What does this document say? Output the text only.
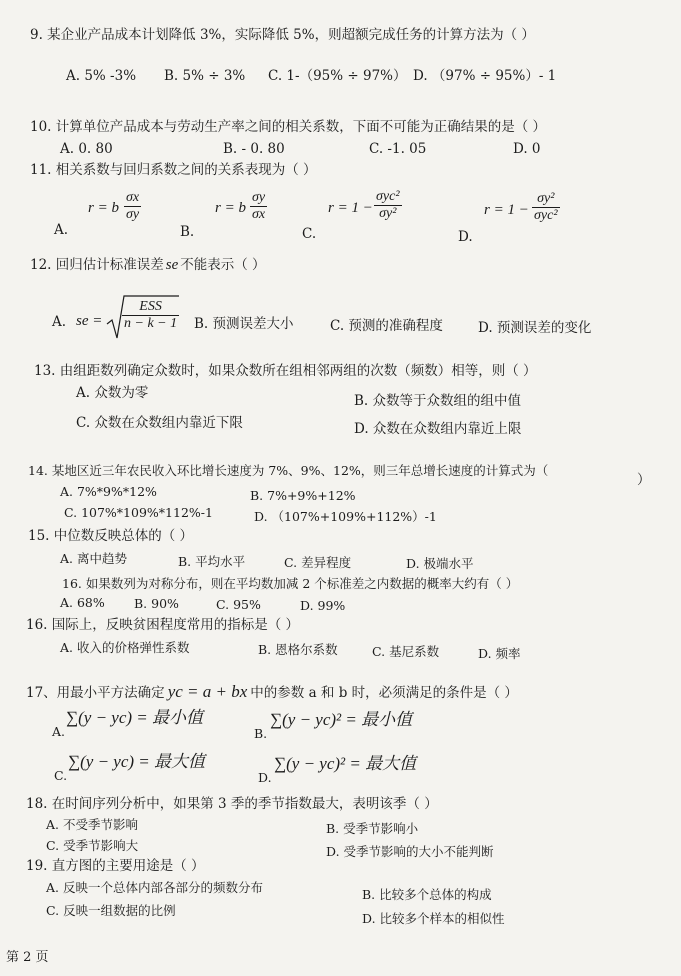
9. 某企业产品成本计划降低 3%，实际降低 5%，则超额完成任务的计算方法为（ ）
A. 5% -3% B. 5% ÷ 3% C. 1-（95% ÷ 97%） D. （97% ÷ 95%）- 1
10. 计算单位产品成本与劳动生产率之间的相关系数，下面不可能为正确结果的是（ ）
A. 0. 80	B. - 0. 80	C. -1. 05	D. 0
11. 相关系数与回归系数之间的关系表现为（ ）
A.
r = b $\frac{\sigma x}{\sigma y}$
B.
r = b $\frac{\sigma y}{\sigma x}$
C.
r = 1 −
σyc²
σy²
D.
r = 1 −
σy²
σyc²
12. 回归估计标准误差 se 不能表示（ ）
A. se =
ESS
n − k − 1 B. 预测误差大小	C. 预测的准确程度	D. 预测误差的变化
13. 由组距数列确定众数时，如果众数所在组相邻两组的次数（频数）相等，则（ ）
A. 众数为零	B. 众数等于众数组的组中值
C. 众数在众数组内靠近下限	D. 众数在众数组内靠近上限
14. 某地区近三年农民收入环比增长速度为 7%、9%、12%，则三年总增长速度的计算式为（
）
A. 7%*9%*12%	B. 7%+9%+12%
C. 107%*109%*112%-1	D. （107%+109%+112%）-1
15. 中位数反映总体的（ ）
A. 离中趋势	B. 平均水平	C. 差异程度	D. 极端水平
16. 如果数列为对称分布，则在平均数加减 2 个标准差之内数据的概率大约有（ ）
A. 68% B. 90%	C. 95%	D. 99%
16. 国际上，反映贫困程度常用的指标是（ ）
A. 收入的价格弹性系数	B. 恩格尔系数	C. 基尼系数	D. 频率
17、用最小平方法确定 yc = a + bx 中的参数 a 和 b 时，必须满足的条件是（ ）
A.
∑(y − yc) = 最小值
B.
∑(y − yc)² = 最小值
C.
∑(y − yc) = 最大值
D.
∑(y − yc)² = 最大值
18. 在时间序列分析中，如果第 3 季的季节指数最大，表明该季（ ）
A. 不受季节影响	B. 受季节影响小
C. 受季节影响大	D. 受季节影响的大小不能判断
19. 直方图的主要用途是（ ）
A. 反映一个总体内部各部分的频数分布	B. 比较多个总体的构成
C. 反映一组数据的比例
D. 比较多个样本的相似性
第 2 页
